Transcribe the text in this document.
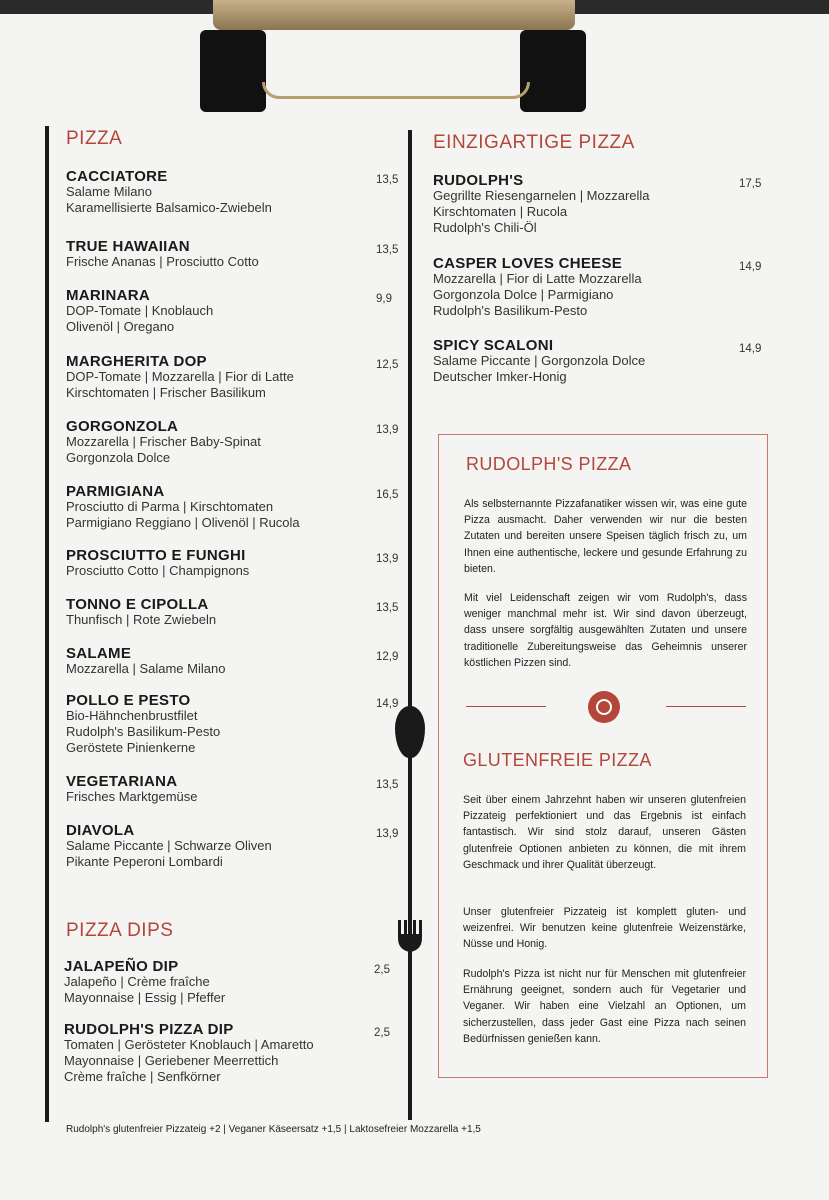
PIZZA
CACCIATORE	13,5
Salame Milano
Karamellisierte Balsamico-Zwiebeln
TRUE HAWAIIAN	13,5
Frische Ananas | Prosciutto Cotto
MARINARA	9,9
DOP-Tomate | Knoblauch
Olivenöl | Oregano
MARGHERITA DOP	12,5
DOP-Tomate | Mozzarella | Fior di Latte
Kirschtomaten | Frischer Basilikum
GORGONZOLA	13,9
Mozzarella | Frischer Baby-Spinat
Gorgonzola Dolce
PARMIGIANA	16,5
Prosciutto di Parma | Kirschtomaten
Parmigiano Reggiano | Olivenöl | Rucola
PROSCIUTTO E FUNGHI	13,9
Prosciutto Cotto | Champignons
TONNO E CIPOLLA	13,5
Thunfisch | Rote Zwiebeln
SALAME	12,9
Mozzarella | Salame Milano
POLLO E PESTO	14,9
Bio-Hähnchenbrustfilet
Rudolph's Basilikum-Pesto
Geröstete Pinienkerne
VEGETARIANA	13,5
Frisches Marktgemüse
DIAVOLA	13,9
Salame Piccante | Schwarze Oliven
Pikante Peperoni Lombardi
PIZZA DIPS
JALAPEÑO DIP	2,5
Jalapeño | Crème fraîche
Mayonnaise | Essig | Pfeffer
RUDOLPH'S PIZZA DIP	2,5
Tomaten | Gerösteter Knoblauch | Amaretto
Mayonnaise | Geriebener Meerrettich
Crème fraîche | Senfkörner
EINZIGARTIGE PIZZA
RUDOLPH'S	17,5
Gegrillte Riesengarnelen | Mozzarella
Kirschtomaten | Rucola
Rudolph's Chili-Öl
CASPER LOVES CHEESE	14,9
Mozzarella | Fior di Latte Mozzarella
Gorgonzola Dolce | Parmigiano
Rudolph's Basilikum-Pesto
SPICY SCALONI	14,9
Salame Piccante | Gorgonzola Dolce
Deutscher Imker-Honig
RUDOLPH'S PIZZA
Als selbsternannte Pizzafanatiker wissen wir, was eine gute Pizza ausmacht. Daher verwenden wir nur die besten Zutaten und bereiten unsere Speisen täglich frisch zu, um Ihnen eine authentische, leckere und gesunde Erfahrung zu bieten.
Mit viel Leidenschaft zeigen wir vom Rudolph's, dass weniger manchmal mehr ist. Wir sind davon überzeugt, dass unsere sorgfältig ausgewählten Zutaten und unsere traditionelle Zubereitungsweise das Geheimnis unserer köstlichen Pizzen sind.
GLUTENFREIE PIZZA
Seit über einem Jahrzehnt haben wir unseren glutenfreien Pizzateig perfektioniert und das Ergebnis ist einfach fantastisch. Wir sind stolz darauf, unseren Gästen glutenfreie Optionen anbieten zu können, die mit ihrem Geschmack und ihrer Qualität überzeugt.
Unser glutenfreier Pizzateig ist komplett gluten- und weizenfrei. Wir benutzen keine glutenfreie Weizenstärke, Nüsse und Honig.
Rudolph's Pizza ist nicht nur für Menschen mit glutenfreier Ernährung geeignet, sondern auch für Vegetarier und Veganer. Wir haben eine Vielzahl an Optionen, um sicherzustellen, dass jeder Gast eine Pizza nach seinen Bedürfnissen genießen kann.
Rudolph's glutenfreier Pizzateig +2 | Veganer Käseersatz +1,5 | Laktosefreier Mozzarella +1,5
